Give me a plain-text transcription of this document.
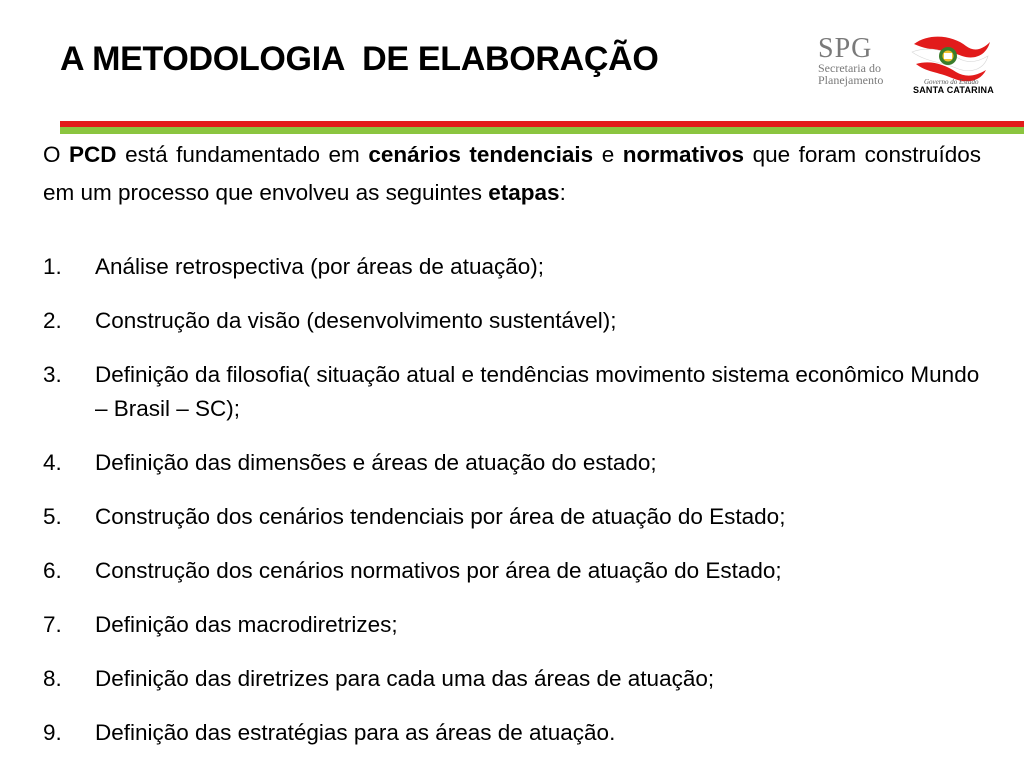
A METODOLOGIA  DE ELABORAÇÃO	SPG
Secretaria do
Planejamento	Governo do Estado
SANTA CATARINA
O PCD está fundamentado em cenários tendenciais e normativos que foram construídos em um processo que envolveu as seguintes etapas:
1. Análise retrospectiva (por áreas de atuação);
2. Construção da visão (desenvolvimento sustentável);
3. Definição da filosofia( situação atual e tendências movimento sistema econômico Mundo – Brasil – SC);
4. Definição das dimensões e áreas de atuação do estado;
5. Construção dos cenários tendenciais por área de atuação do Estado;
6. Construção dos cenários normativos por área de atuação do Estado;
7. Definição das macrodiretrizes;
8. Definição das diretrizes para cada uma das áreas de atuação;
9. Definição das estratégias para as áreas de atuação.
